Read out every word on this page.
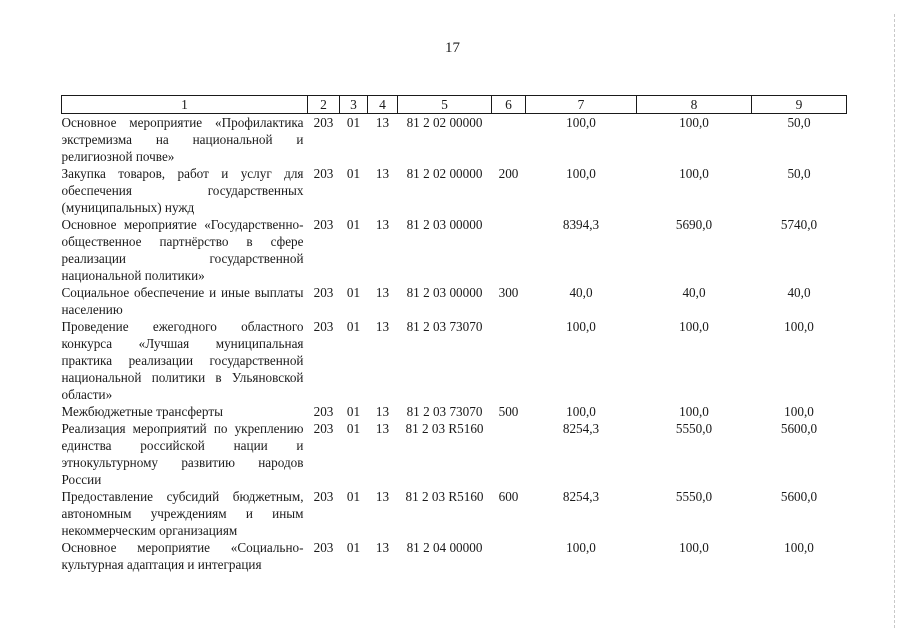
17
1	2	3	4	5	6	7	8	9
Основное мероприятие «Профилактика экстремизма на национальной и религиозной почве»	203	01	13	81 2 02 00000		100,0	100,0	50,0
Закупка товаров, работ и услуг для обеспечения государственных (муниципальных) нужд	203	01	13	81 2 02 00000	200	100,0	100,0	50,0
Основное мероприятие «Государственно-общественное партнёрство в сфере реализации государственной национальной политики»	203	01	13	81 2 03 00000		8394,3	5690,0	5740,0
Социальное обеспечение и иные выплаты населению	203	01	13	81 2 03 00000	300	40,0	40,0	40,0
Проведение ежегодного областного конкурса «Лучшая муниципальная практика реализации государственной национальной политики в Ульяновской области»	203	01	13	81 2 03 73070		100,0	100,0	100,0
Межбюджетные трансферты	203	01	13	81 2 03 73070	500	100,0	100,0	100,0
Реализация мероприятий по укреплению единства российской нации и этнокультурному развитию народов России	203	01	13	81 2 03 R5160		8254,3	5550,0	5600,0
Предоставление субсидий бюджетным, автономным учреждениям и иным некоммерческим организациям	203	01	13	81 2 03 R5160	600	8254,3	5550,0	5600,0
Основное мероприятие «Социально-культурная адаптация и интеграция	203	01	13	81 2 04 00000		100,0	100,0	100,0
